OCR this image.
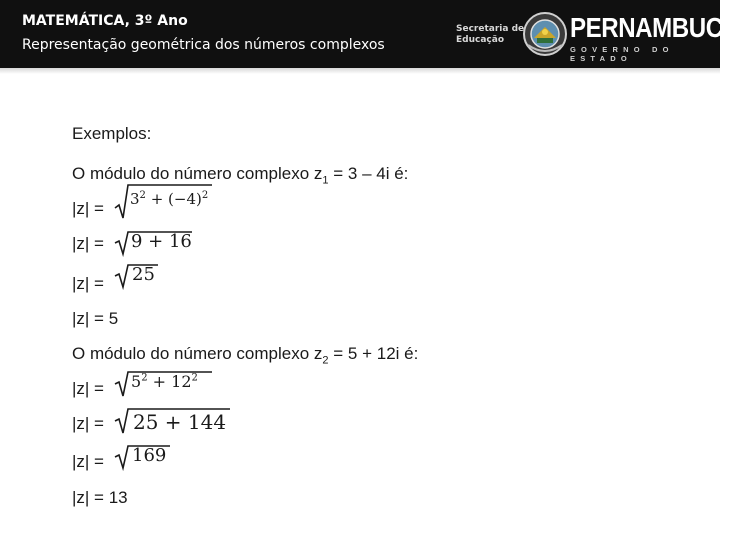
MATEMÁTICA, 3º Ano
Representação geométrica dos números complexos
Secretaria de
Educação	PERNAMBUCO
GOVERNO DO ESTADO
Exemplos:
O módulo do número complexo $z_1 = 3 - 4i$ é:
$|z| = 3^2 + (-4)^2$
|z| = 9 + 16
|z| = 25
|z| = 5
O módulo do número complexo $z_2 = 5 + 12i$ é:
$|z| = 5^2 + 12^2$
|z| = 25 + 144
|z| = 169
|z| = 13
